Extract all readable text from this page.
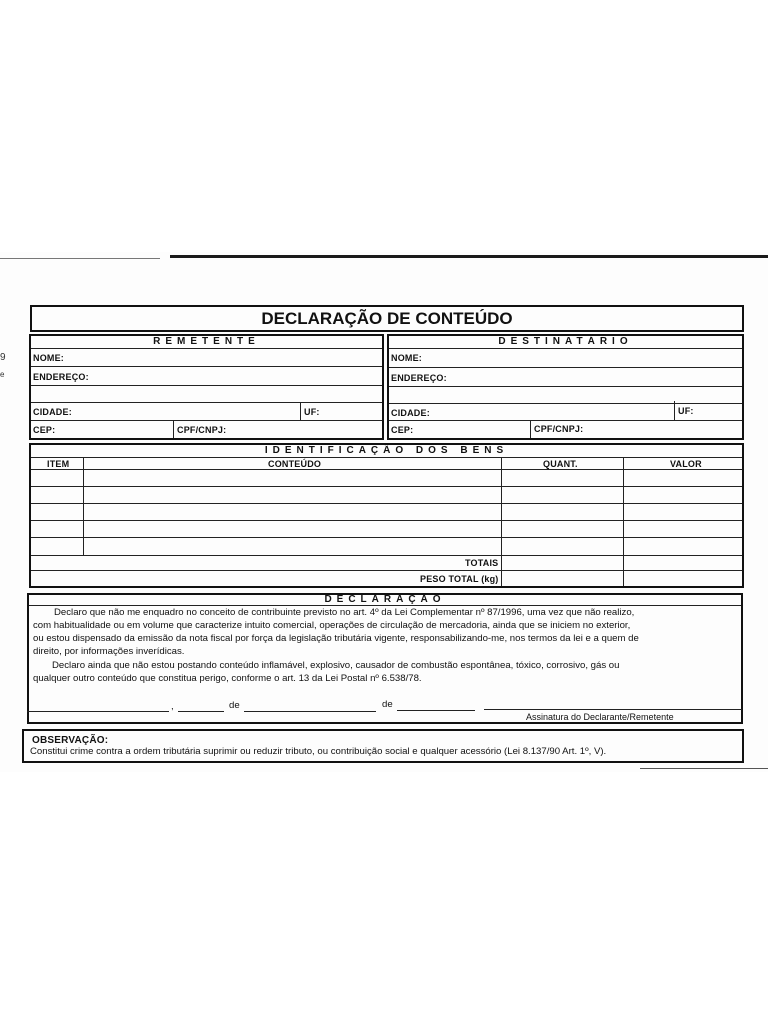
9
e
DECLARAÇÃO DE CONTEÚDO
REMETENTE
NOME:
ENDEREÇO:
CIDADE:	UF:
CEP:	CPF/CNPJ:
DESTINATÁRIO
NOME:
ENDEREÇO:
CIDADE:	UF:
CEP:	CPF/CNPJ:
IDENTIFICAÇÃO DOS BENS
ITEM	CONTEÚDO	QUANT.	VALOR
TOTAIS
PESO TOTAL (kg)
DECLARAÇÃO
Declaro que não me enquadro no conceito de contribuinte previsto no art. 4º da Lei Complementar nº 87/1996, uma vez que não realizo,
com habitualidade ou em volume que caracterize intuito comercial, operações de circulação de mercadoria, ainda que se iniciem no exterior,
ou estou dispensado da emissão da nota fiscal por força da legislação tributária vigente, responsabilizando-me, nos termos da lei e a quem de
direito, por informações inverídicas.
Declaro ainda que não estou postando conteúdo inflamável, explosivo, causador de combustão espontânea, tóxico, corrosivo, gás ou
qualquer outro conteúdo que constitua perigo, conforme o art. 13 da Lei Postal nº 6.538/78.
,	de	de
Assinatura do Declarante/Remetente
OBSERVAÇÃO:
Constitui crime contra a ordem tributária suprimir ou reduzir tributo, ou contribuição social e qualquer acessório (Lei 8.137/90 Art. 1º, V).
